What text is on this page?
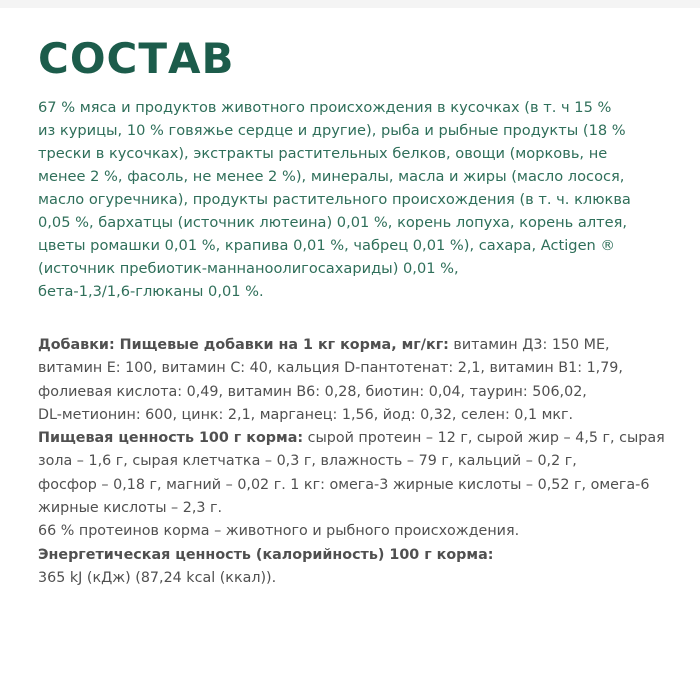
СОСТАВ
67 % мяса и продуктов животного происхождения в кусочках (в т. ч 15 %
из курицы, 10 % говяжье сердце и другие), рыба и рыбные продукты (18 %
трески в кусочках), экстракты растительных белков, овощи (морковь, не
менее 2 %, фасоль, не менее 2 %), минералы, масла и жиры (масло лосося,
масло огуречника), продукты растительного происхождения (в т. ч. клюква
0,05 %, бархатцы (источник лютеина) 0,01 %, корень лопуха, корень алтея,
цветы ромашки 0,01 %, крапива 0,01 %, чабрец 0,01 %), сахара, Actigen ®
(источник пребиотик-маннаноолигосахариды) 0,01 %,
бета-1,3/1,6-глюканы 0,01 %.
Добавки: Пищевые добавки на 1 кг корма, мг/кг: витамин Д3: 150 МЕ,
витамин Е: 100, витамин С: 40, кальция D-пантотенат: 2,1, витамин В1: 1,79,
фолиевая кислота: 0,49, витамин В6: 0,28, биотин: 0,04, таурин: 506,02,
DL-метионин: 600, цинк: 2,1, марганец: 1,56, йод: 0,32, селен: 0,1 мкг.
Пищевая ценность 100 г корма: сырой протеин – 12 г, сырой жир – 4,5 г, сырая
зола – 1,6 г, сырая клетчатка – 0,3 г, влажность – 79 г, кальций – 0,2 г,
фосфор – 0,18 г, магний – 0,02 г. 1 кг: омега-3 жирные кислоты – 0,52 г, омега-6
жирные кислоты – 2,3 г.
66 % протеинов корма – животного и рыбного происхождения.
Энергетическая ценность (калорийность) 100 г корма:
365 kJ (кДж) (87,24 kcal (ккал)).
